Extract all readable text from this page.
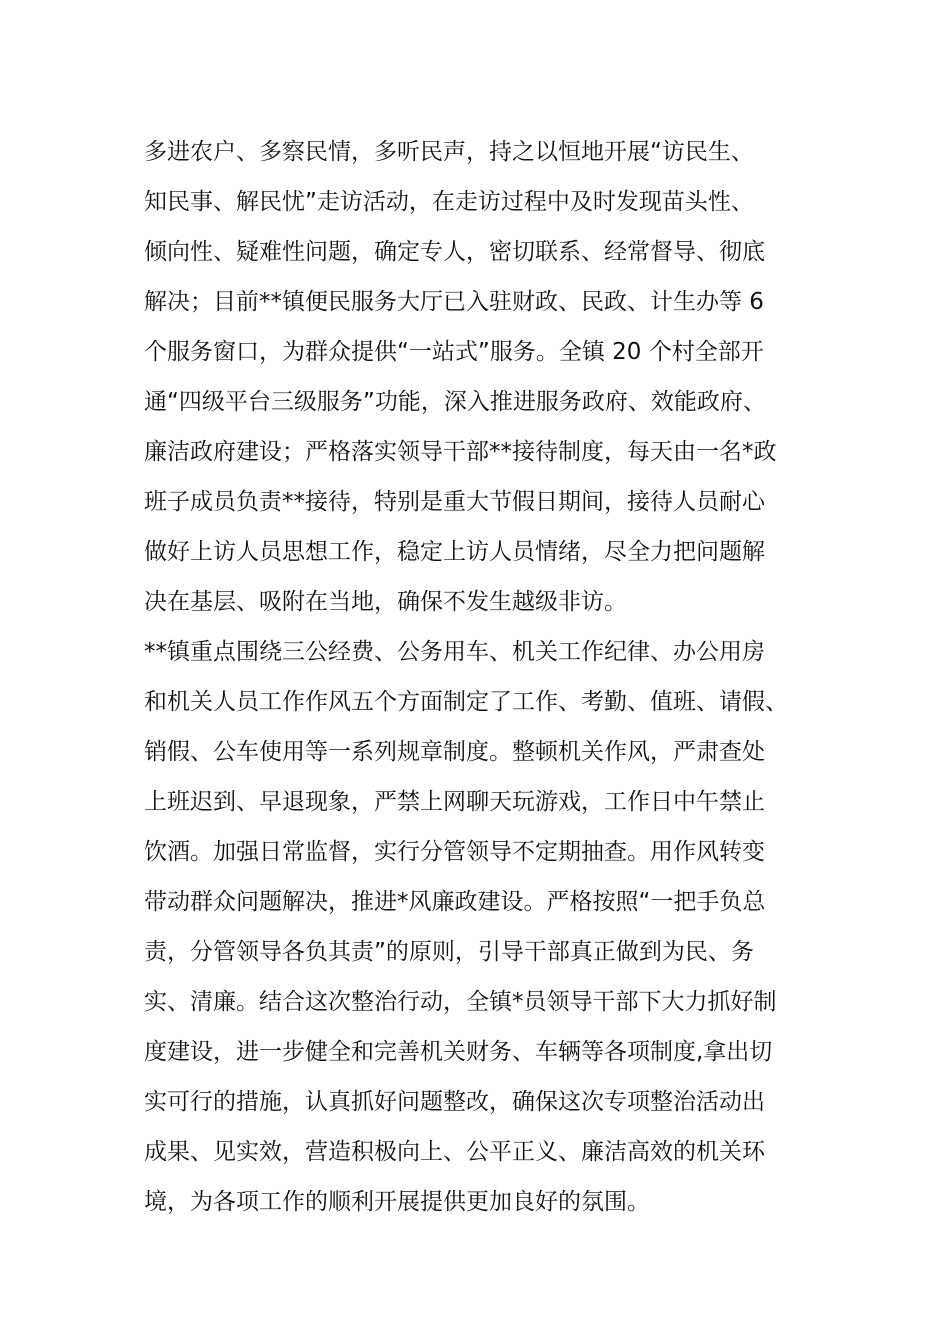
多进农户、多察民情，多听民声，持之以恒地开展“访民生、
知民事、解民忧”走访活动，在走访过程中及时发现苗头性、
倾向性、疑难性问题，确定专人，密切联系、经常督导、彻底
解决；目前**镇便民服务大厅已入驻财政、民政、计生办等 6
个服务窗口，为群众提供“一站式”服务。全镇 20 个村全部开
通“四级平台三级服务”功能，深入推进服务政府、效能政府、
廉洁政府建设；严格落实领导干部**接待制度，每天由一名*政
班子成员负责**接待，特别是重大节假日期间，接待人员耐心
做好上访人员思想工作，稳定上访人员情绪，尽全力把问题解
决在基层、吸附在当地，确保不发生越级非访。
**镇重点围绕三公经费、公务用车、机关工作纪律、办公用房
和机关人员工作作风五个方面制定了工作、考勤、值班、请假、
销假、公车使用等一系列规章制度。整顿机关作风，严肃查处
上班迟到、早退现象，严禁上网聊天玩游戏，工作日中午禁止
饮酒。加强日常监督，实行分管领导不定期抽查。用作风转变
带动群众问题解决，推进*风廉政建设。严格按照“一把手负总
责，分管领导各负其责”的原则，引导干部真正做到为民、务
实、清廉。结合这次整治行动，全镇*员领导干部下大力抓好制
度建设，进一步健全和完善机关财务、车辆等各项制度,拿出切
实可行的措施，认真抓好问题整改，确保这次专项整治活动出
成果、见实效，营造积极向上、公平正义、廉洁高效的机关环
境，为各项工作的顺利开展提供更加良好的氛围。
